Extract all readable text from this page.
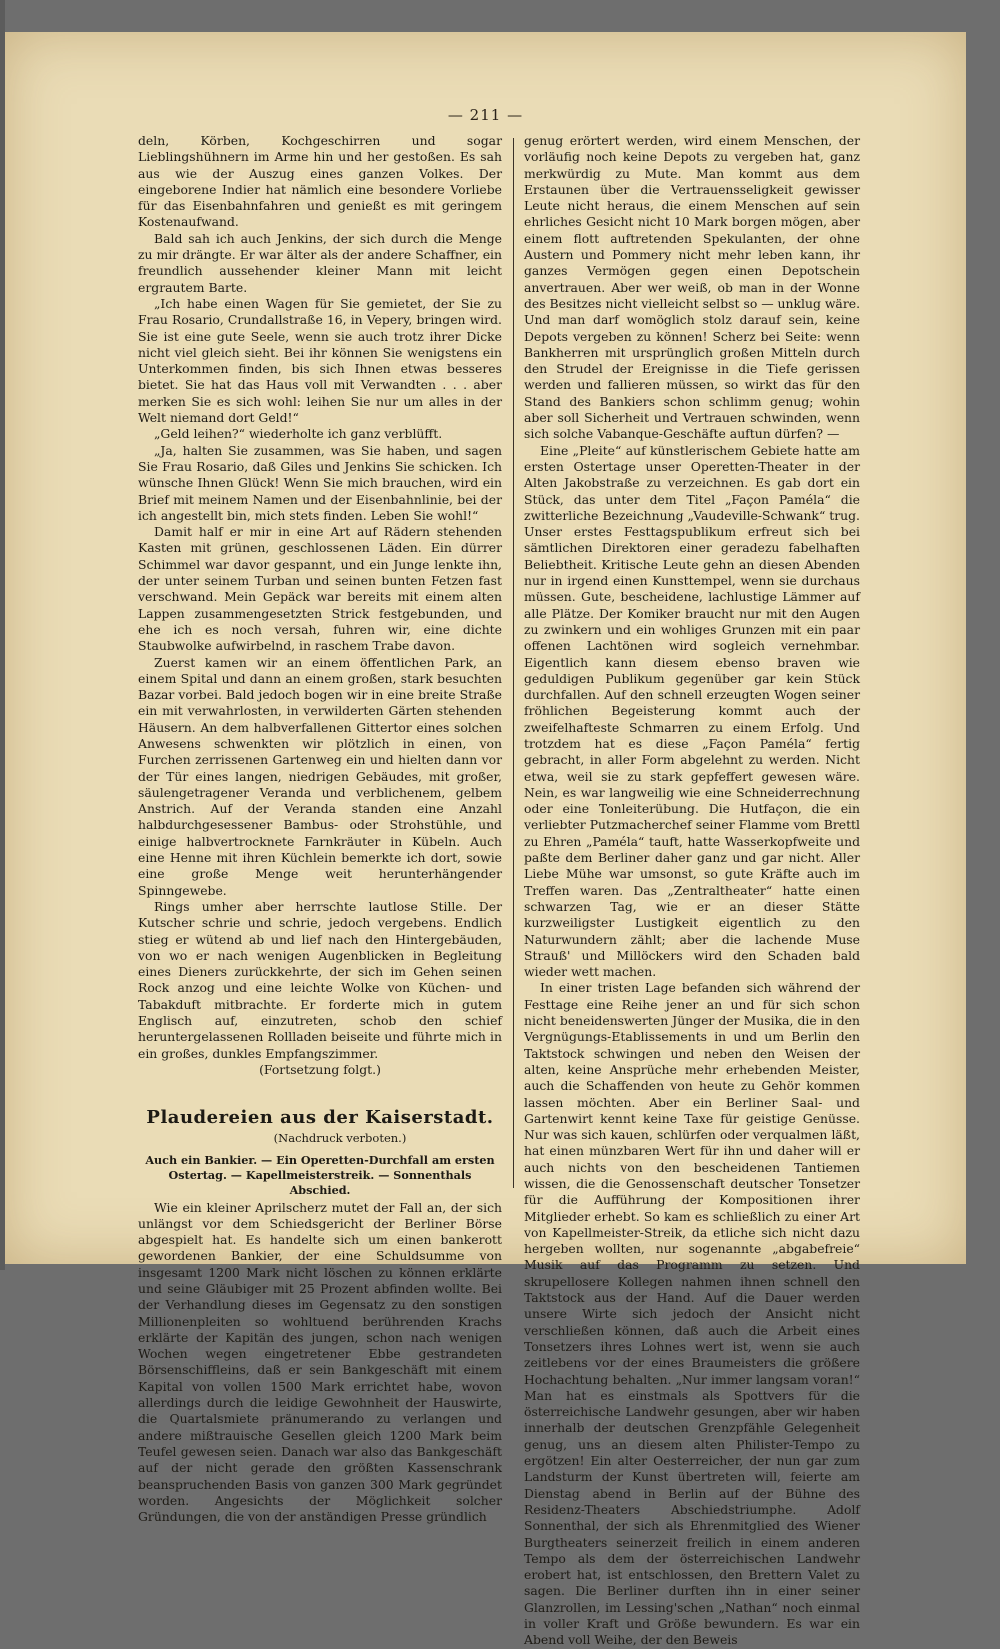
— 211 —

deln, Körben, Kochgeschirren und sogar Lieblingshühnern im Arme hin und her gestoßen. Es sah aus wie der Auszug eines ganzen Volkes. Der eingeborene Indier hat nämlich eine besondere Vorliebe für das Eisenbahnfahren und genießt es mit geringem Kostenaufwand.

Bald sah ich auch Jenkins, der sich durch die Menge zu mir drängte. Er war älter als der andere Schaffner, ein freundlich aussehender kleiner Mann mit leicht ergrautem Barte.

„Ich habe einen Wagen für Sie gemietet, der Sie zu Frau Rosario, Crundallstraße 16, in Vepery, bringen wird. Sie ist eine gute Seele, wenn sie auch trotz ihrer Dicke nicht viel gleich sieht. Bei ihr können Sie wenigstens ein Unterkommen finden, bis sich Ihnen etwas besseres bietet. Sie hat das Haus voll mit Verwandten . . . aber merken Sie es sich wohl: leihen Sie nur um alles in der Welt niemand dort Geld!“

„Geld leihen?“ wiederholte ich ganz verblüfft.

„Ja, halten Sie zusammen, was Sie haben, und sagen Sie Frau Rosario, daß Giles und Jenkins Sie schicken. Ich wünsche Ihnen Glück! Wenn Sie mich brauchen, wird ein Brief mit meinem Namen und der Eisenbahnlinie, bei der ich angestellt bin, mich stets finden. Leben Sie wohl!“

Damit half er mir in eine Art auf Rädern stehenden Kasten mit grünen, geschlossenen Läden. Ein dürrer Schimmel war davor gespannt, und ein Junge lenkte ihn, der unter seinem Turban und seinen bunten Fetzen fast verschwand. Mein Gepäck war bereits mit einem alten Lappen zusammengesetzten Strick festgebunden, und ehe ich es noch versah, fuhren wir, eine dichte Staubwolke aufwirbelnd, in raschem Trabe davon.

Zuerst kamen wir an einem öffentlichen Park, an einem Spital und dann an einem großen, stark besuchten Bazar vorbei. Bald jedoch bogen wir in eine breite Straße ein mit verwahrlosten, in verwilderten Gärten stehenden Häusern. An dem halbverfallenen Gittertor eines solchen Anwesens schwenkten wir plötzlich in einen, von Furchen zerrissenen Gartenweg ein und hielten dann vor der Tür eines langen, niedrigen Gebäudes, mit großer, säulengetragener Veranda und verblichenem, gelbem Anstrich. Auf der Veranda standen eine Anzahl halbdurchgesessener Bambus- oder Strohstühle, und einige halbvertrocknete Farnkräuter in Kübeln. Auch eine Henne mit ihren Küchlein bemerkte ich dort, sowie eine große Menge weit herunterhängender Spinngewebe.

Rings umher aber herrschte lautlose Stille. Der Kutscher schrie und schrie, jedoch vergebens. Endlich stieg er wütend ab und lief nach den Hintergebäuden, von wo er nach wenigen Augenblicken in Begleitung eines Dieners zurückkehrte, der sich im Gehen seinen Rock anzog und eine leichte Wolke von Küchen- und Tabakduft mitbrachte. Er forderte mich in gutem Englisch auf, einzutreten, schob den schief heruntergelassenen Rollladen beiseite und führte mich in ein großes, dunkles Empfangszimmer.

(Fortsetzung folgt.)

Plaudereien aus der Kaiserstadt.
(Nachdruck verboten.)
Auch ein Bankier. — Ein Operetten-Durchfall am ersten Ostertag. — Kapellmeisterstreik. — Sonnenthals Abschied.

Wie ein kleiner Aprilscherz mutet der Fall an, der sich unlängst vor dem Schiedsgericht der Berliner Börse abgespielt hat. Es handelte sich um einen bankerott gewordenen Bankier, der eine Schuldsumme von insgesamt 1200 Mark nicht löschen zu können erklärte und seine Gläubiger mit 25 Prozent abfinden wollte. Bei der Verhandlung dieses im Gegensatz zu den sonstigen Millionenpleiten so wohltuend berührenden Krachs erklärte der Kapitän des jungen, schon nach wenigen Wochen wegen eingetretener Ebbe gestrandeten Börsenschiffleins, daß er sein Bankgeschäft mit einem Kapital von vollen 1500 Mark errichtet habe, wovon allerdings durch die leidige Gewohnheit der Hauswirte, die Quartalsmiete pränumerando zu verlangen und andere mißtrauische Gesellen gleich 1200 Mark beim Teufel gewesen seien. Danach war also das Bankgeschäft auf der nicht gerade den größten Kassenschrank beanspruchenden Basis von ganzen 300 Mark gegründet worden. Angesichts der Möglichkeit solcher Gründungen, die von der anständigen Presse gründlich

genug erörtert werden, wird einem Menschen, der vorläufig noch keine Depots zu vergeben hat, ganz merkwürdig zu Mute. Man kommt aus dem Erstaunen über die Vertrauensseligkeit gewisser Leute nicht heraus, die einem Menschen auf sein ehrliches Gesicht nicht 10 Mark borgen mögen, aber einem flott auftretenden Spekulanten, der ohne Austern und Pommery nicht mehr leben kann, ihr ganzes Vermögen gegen einen Depotschein anvertrauen. Aber wer weiß, ob man in der Wonne des Besitzes nicht vielleicht selbst so — unklug wäre. Und man darf womöglich stolz darauf sein, keine Depots vergeben zu können! Scherz bei Seite: wenn Bankherren mit ursprünglich großen Mitteln durch den Strudel der Ereignisse in die Tiefe gerissen werden und fallieren müssen, so wirkt das für den Stand des Bankiers schon schlimm genug; wohin aber soll Sicherheit und Vertrauen schwinden, wenn sich solche Vabanque-Geschäfte auftun dürfen? —

Eine „Pleite“ auf künstlerischem Gebiete hatte am ersten Ostertage unser Operetten-Theater in der Alten Jakobstraße zu verzeichnen. Es gab dort ein Stück, das unter dem Titel „Façon Paméla“ die zwitterliche Bezeichnung „Vaudeville-Schwank“ trug. Unser erstes Festtagspublikum erfreut sich bei sämtlichen Direktoren einer geradezu fabelhaften Beliebtheit. Kritische Leute gehn an diesen Abenden nur in irgend einen Kunsttempel, wenn sie durchaus müssen. Gute, bescheidene, lachlustige Lämmer auf alle Plätze. Der Komiker braucht nur mit den Augen zu zwinkern und ein wohliges Grunzen mit ein paar offenen Lachtönen wird sogleich vernehmbar. Eigentlich kann diesem ebenso braven wie geduldigen Publikum gegenüber gar kein Stück durchfallen. Auf den schnell erzeugten Wogen seiner fröhlichen Begeisterung kommt auch der zweifelhafteste Schmarren zu einem Erfolg. Und trotzdem hat es diese „Façon Paméla“ fertig gebracht, in aller Form abgelehnt zu werden. Nicht etwa, weil sie zu stark gepfeffert gewesen wäre. Nein, es war langweilig wie eine Schneiderrechnung oder eine Tonleiterübung. Die Hutfaçon, die ein verliebter Putzmacherchef seiner Flamme vom Brettl zu Ehren „Paméla“ tauft, hatte Wasserkopfweite und paßte dem Berliner daher ganz und gar nicht. Aller Liebe Mühe war umsonst, so gute Kräfte auch im Treffen waren. Das „Zentraltheater“ hatte einen schwarzen Tag, wie er an dieser Stätte kurzweiligster Lustigkeit eigentlich zu den Naturwundern zählt; aber die lachende Muse Strauß' und Millöckers wird den Schaden bald wieder wett machen.

In einer tristen Lage befanden sich während der Festtage eine Reihe jener an und für sich schon nicht beneidenswerten Jünger der Musika, die in den Vergnügungs-Etablissements in und um Berlin den Taktstock schwingen und neben den Weisen der alten, keine Ansprüche mehr erhebenden Meister, auch die Schaffenden von heute zu Gehör kommen lassen möchten. Aber ein Berliner Saal- und Gartenwirt kennt keine Taxe für geistige Genüsse. Nur was sich kauen, schlürfen oder verqualmen läßt, hat einen münzbaren Wert für ihn und daher will er auch nichts von den bescheidenen Tantiemen wissen, die die Genossenschaft deutscher Tonsetzer für die Aufführung der Kompositionen ihrer Mitglieder erhebt. So kam es schließlich zu einer Art von Kapellmeister-Streik, da etliche sich nicht dazu hergeben wollten, nur sogenannte „abgabefreie“ Musik auf das Programm zu setzen. Und skrupellosere Kollegen nahmen ihnen schnell den Taktstock aus der Hand. Auf die Dauer werden unsere Wirte sich jedoch der Ansicht nicht verschließen können, daß auch die Arbeit eines Tonsetzers ihres Lohnes wert ist, wenn sie auch zeitlebens vor der eines Braumeisters die größere Hochachtung behalten. „Nur immer langsam voran!“ Man hat es einstmals als Spottvers für die österreichische Landwehr gesungen, aber wir haben innerhalb der deutschen Grenzpfähle Gelegenheit genug, uns an diesem alten Philister-Tempo zu ergötzen! Ein alter Oesterreicher, der nun gar zum Landsturm der Kunst übertreten will, feierte am Dienstag abend in Berlin auf der Bühne des Residenz-Theaters Abschiedstriumphe. Adolf Sonnenthal, der sich als Ehrenmitglied des Wiener Burgtheaters seinerzeit freilich in einem anderen Tempo als dem der österreichischen Landwehr erobert hat, ist entschlossen, den Brettern Valet zu sagen. Die Berliner durften ihn in einer seiner Glanzrollen, im Lessing'schen „Nathan“ noch einmal in voller Kraft und Größe bewundern. Es war ein Abend voll Weihe, der den Beweis
